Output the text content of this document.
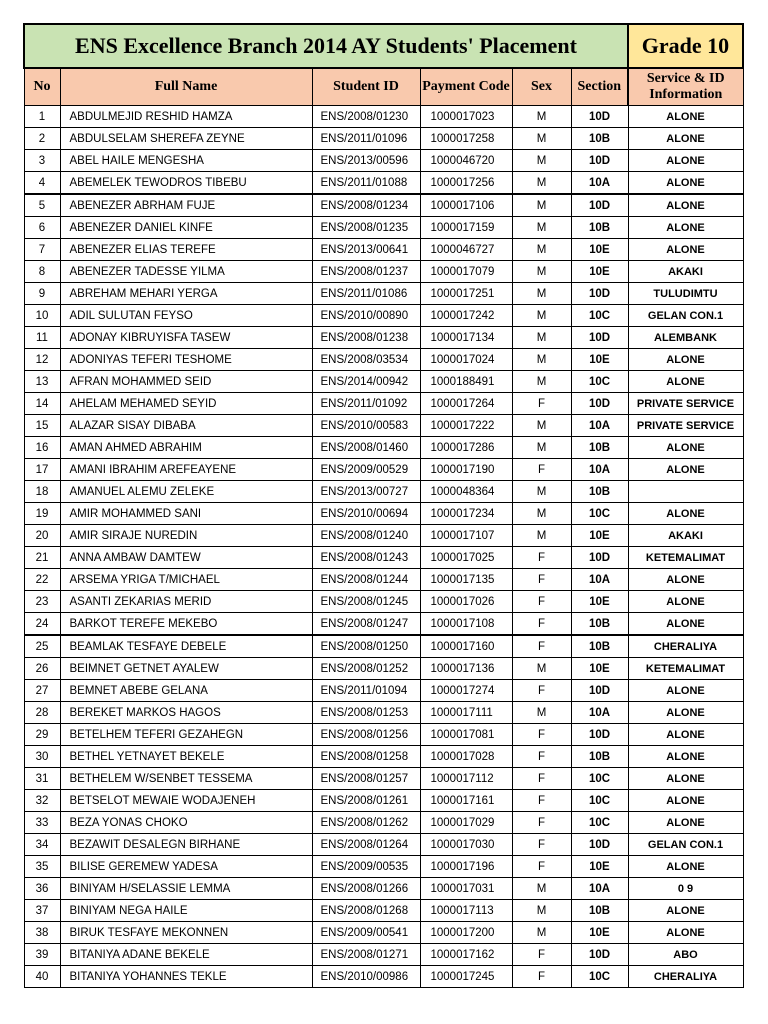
ENS Excellence Branch 2014 AY Students' Placement						Grade 10
No	Full Name	Student ID	Payment Code	Sex	Section	Service & ID Information
1	ABDULMEJID RESHID HAMZA	ENS/2008/01230	1000017023	M	10D	ALONE
2	ABDULSELAM SHEREFA ZEYNE	ENS/2011/01096	1000017258	M	10B	ALONE
3	ABEL HAILE MENGESHA	ENS/2013/00596	1000046720	M	10D	ALONE
4	ABEMELEK TEWODROS TIBEBU	ENS/2011/01088	1000017256	M	10A	ALONE
5	ABENEZER ABRHAM FUJE	ENS/2008/01234	1000017106	M	10D	ALONE
6	ABENEZER DANIEL KINFE	ENS/2008/01235	1000017159	M	10B	ALONE
7	ABENEZER ELIAS TEREFE	ENS/2013/00641	1000046727	M	10E	ALONE
8	ABENEZER TADESSE YILMA	ENS/2008/01237	1000017079	M	10E	AKAKI
9	ABREHAM MEHARI YERGA	ENS/2011/01086	1000017251	M	10D	TULUDIMTU
10	ADIL SULUTAN FEYSO	ENS/2010/00890	1000017242	M	10C	GELAN CON.1
11	ADONAY KIBRUYISFA TASEW	ENS/2008/01238	1000017134	M	10D	ALEMBANK
12	ADONIYAS TEFERI TESHOME	ENS/2008/03534	1000017024	M	10E	ALONE
13	AFRAN MOHAMMED SEID	ENS/2014/00942	1000188491	M	10C	ALONE
14	AHELAM MEHAMED SEYID	ENS/2011/01092	1000017264	F	10D	PRIVATE SERVICE
15	ALAZAR SISAY DIBABA	ENS/2010/00583	1000017222	M	10A	PRIVATE SERVICE
16	AMAN AHMED ABRAHIM	ENS/2008/01460	1000017286	M	10B	ALONE
17	AMANI IBRAHIM AREFEAYENE	ENS/2009/00529	1000017190	F	10A	ALONE
18	AMANUEL ALEMU ZELEKE	ENS/2013/00727	1000048364	M	10B	
19	AMIR MOHAMMED SANI	ENS/2010/00694	1000017234	M	10C	ALONE
20	AMIR SIRAJE NUREDIN	ENS/2008/01240	1000017107	M	10E	AKAKI
21	ANNA AMBAW DAMTEW	ENS/2008/01243	1000017025	F	10D	KETEMALIMAT
22	ARSEMA YRIGA T/MICHAEL	ENS/2008/01244	1000017135	F	10A	ALONE
23	ASANTI ZEKARIAS MERID	ENS/2008/01245	1000017026	F	10E	ALONE
24	BARKOT TEREFE MEKEBO	ENS/2008/01247	1000017108	F	10B	ALONE
25	BEAMLAK TESFAYE DEBELE	ENS/2008/01250	1000017160	F	10B	CHERALIYA
26	BEIMNET GETNET AYALEW	ENS/2008/01252	1000017136	M	10E	KETEMALIMAT
27	BEMNET ABEBE GELANA	ENS/2011/01094	1000017274	F	10D	ALONE
28	BEREKET MARKOS HAGOS	ENS/2008/01253	1000017111	M	10A	ALONE
29	BETELHEM TEFERI GEZAHEGN	ENS/2008/01256	1000017081	F	10D	ALONE
30	BETHEL YETNAYET BEKELE	ENS/2008/01258	1000017028	F	10B	ALONE
31	BETHELEM W/SENBET TESSEMA	ENS/2008/01257	1000017112	F	10C	ALONE
32	BETSELOT MEWAIE WODAJENEH	ENS/2008/01261	1000017161	F	10C	ALONE
33	BEZA YONAS CHOKO	ENS/2008/01262	1000017029	F	10C	ALONE
34	BEZAWIT DESALEGN BIRHANE	ENS/2008/01264	1000017030	F	10D	GELAN CON.1
35	BILISE GEREMEW YADESA	ENS/2009/00535	1000017196	F	10E	ALONE
36	BINIYAM H/SELASSIE LEMMA	ENS/2008/01266	1000017031	M	10A	0 9
37	BINIYAM NEGA HAILE	ENS/2008/01268	1000017113	M	10B	ALONE
38	BIRUK TESFAYE MEKONNEN	ENS/2009/00541	1000017200	M	10E	ALONE
39	BITANIYA ADANE BEKELE	ENS/2008/01271	1000017162	F	10D	ABO
40	BITANIYA YOHANNES TEKLE	ENS/2010/00986	1000017245	F	10C	CHERALIYA
